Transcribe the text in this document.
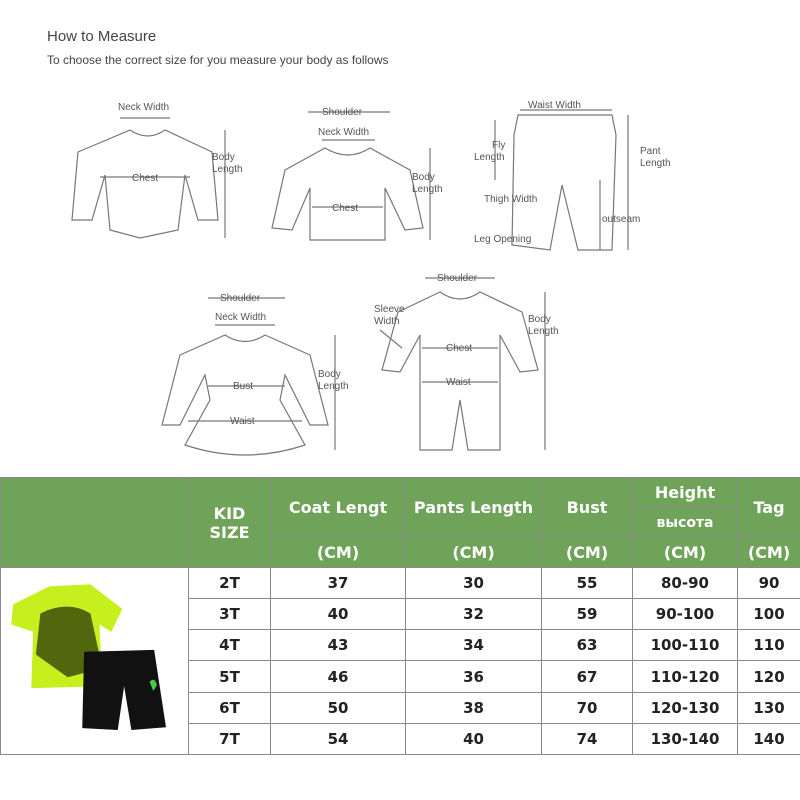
How to Measure
To choose the correct size for you measure your body as follows
Neck Width
Chest
Body
Length
Shoulder
Neck Width
Chest
Body
Length
Waist Width
Fly
Length
Pant
Length
Thigh Width
outseam
Leg Opening
Shoulder
Neck Width
Bust
Waist
Body
Length
Shoulder
Sleeve
Width
Chest
Waist
Body
Length
	KID
SIZE	Coat Lengt	Pants Length	Bust	Height	Tag
					высота	
		(CM)	(CM)	(CM)	(CM)	(CM)
	2T	37	30	55	80-90	90
	3T	40	32	59	90-100	100
	4T	43	34	63	100-110	110
	5T	46	36	67	110-120	120
	6T	50	38	70	120-130	130
	7T	54	40	74	130-140	140
